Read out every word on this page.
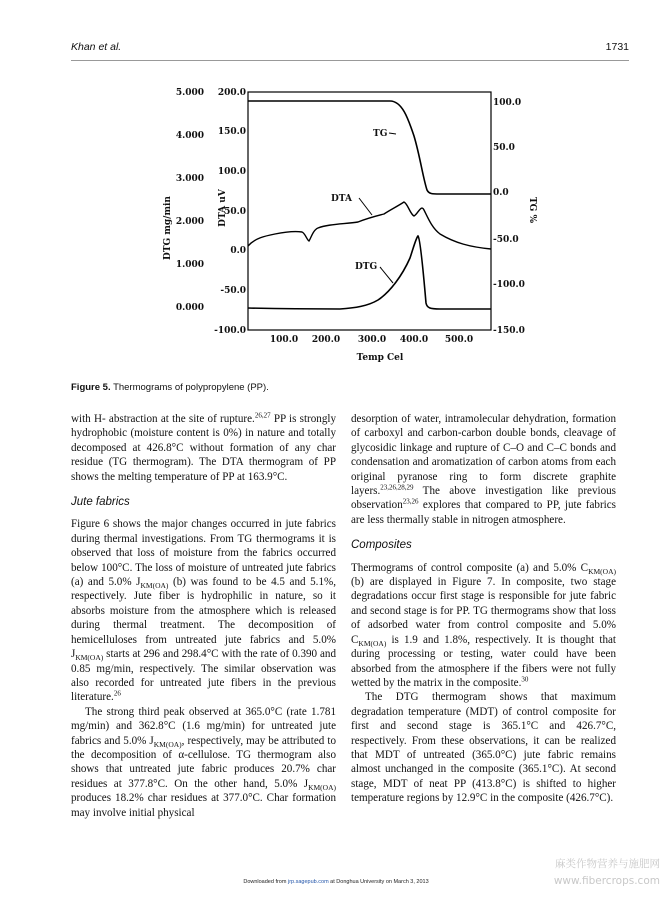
Khan et al.	1731
5.000
4.000
3.000
2.000
1.000
0.000
DTG mg/min
200.0
150.0
100.0
50.0
0.0
-50.0
-100.0
DTA uV
100.0
50.0
0.0
-50.0
-100.0
-150.0
TG %
100.0 200.0 300.0 400.0 500.0
Temp Cel
TG
DTA
DTG
Figure 5. Thermograms of polypropylene (PP).

with H- abstraction at the site of rupture.$^{26,27}$ PP is strongly hydrophobic (moisture content is 0%) in nature and totally decomposed at 426.8°C without formation of any char residue (TG thermogram). The DTA thermogram of PP shows the melting temperature of PP at 163.9°C.

Jute fabrics

Figure 6 shows the major changes occurred in jute fabrics during thermal investigations. From TG thermograms it is observed that loss of moisture from the fabrics occurred below 100°C. The loss of moisture of untreated jute fabrics (a) and 5.0% $J_{KM(OA)}$ (b) was found to be 4.5 and 5.1%, respectively. Jute fiber is hydrophilic in nature, so it absorbs moisture from the atmosphere which is released during thermal treatment. The decomposition of hemicelluloses from untreated jute fabrics and 5.0% $J_{KM(OA)}$ starts at 296 and 298.4°C with the rate of 0.390 and 0.85 mg/min, respectively. The similar observation was also recorded for untreated jute fibers in the previous literature.$^{26}$

The strong third peak observed at 365.0°C (rate 1.781 mg/min) and 362.8°C (1.6 mg/min) for untreated jute fabrics and 5.0% $J_{KM(OA)}$, respectively, may be attributed to the decomposition of α-cellulose. TG thermogram also shows that untreated jute fabric produces 20.7% char residues at 377.8°C. On the other hand, 5.0% $J_{KM(OA)}$ produces 18.2% char residues at 377.0°C. Char formation may involve initial physical

desorption of water, intramolecular dehydration, formation of carboxyl and carbon-carbon double bonds, cleavage of glycosidic linkage and rupture of C–O and C–C bonds and condensation and aromatization of carbon atoms from each original pyranose ring to form discrete graphite layers.$^{23,26,28,29}$ The above investigation like previous observation$^{23,26}$ explores that compared to PP, jute fabrics are less thermally stable in nitrogen atmosphere.

Composites

Thermograms of control composite (a) and 5.0% $C_{KM(OA)}$ (b) are displayed in Figure 7. In composite, two stage degradations occur first stage is responsible for jute fabric and second stage is for PP. TG thermograms show that loss of adsorbed water from control composite and 5.0% $C_{KM(OA)}$ is 1.9 and 1.8%, respectively. It is thought that during processing or testing, water could have been absorbed from the atmosphere if the fibers were not fully wetted by the matrix in the composite.$^{30}$

The DTG thermogram shows that maximum degradation temperature (MDT) of control composite for first and second stage is 365.1°C and 426.7°C, respectively. From these observations, it can be realized that MDT of untreated (365.0°C) jute fabric remains almost unchanged in the composite (365.1°C). At second stage, MDT of neat PP (413.8°C) is shifted to higher temperature regions by 12.9°C in the composite (426.7°C).

Downloaded from jrp.sagepub.com at Donghua University on March 3, 2013
麻类作物营养与施肥网
www.fibercrops.com
